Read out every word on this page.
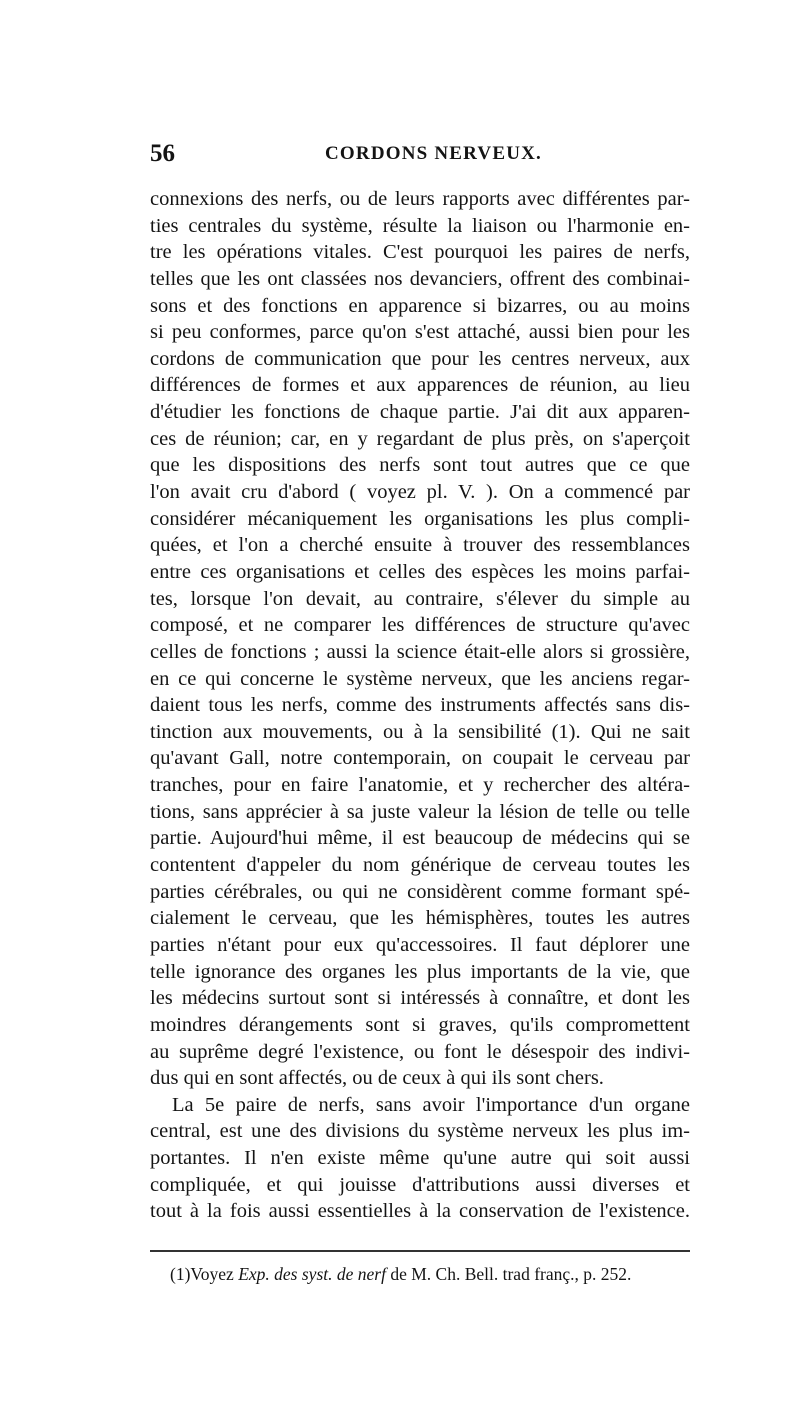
56	CORDONS NERVEUX.
connexions des nerfs, ou de leurs rapports avec différentes par-
ties centrales du système, résulte la liaison ou l'harmonie en-
tre les opérations vitales. C'est pourquoi les paires de nerfs,
telles que les ont classées nos devanciers, offrent des combinai-
sons et des fonctions en apparence si bizarres, ou au moins
si peu conformes, parce qu'on s'est attaché, aussi bien pour les
cordons de communication que pour les centres nerveux, aux
différences de formes et aux apparences de réunion, au lieu
d'étudier les fonctions de chaque partie. J'ai dit aux apparen-
ces de réunion; car, en y regardant de plus près, on s'aperçoit
que les dispositions des nerfs sont tout autres que ce que
l'on avait cru d'abord ( voyez pl. V. ). On a commencé par
considérer mécaniquement les organisations les plus compli-
quées, et l'on a cherché ensuite à trouver des ressemblances
entre ces organisations et celles des espèces les moins parfai-
tes, lorsque l'on devait, au contraire, s'élever du simple au
composé, et ne comparer les différences de structure qu'avec
celles de fonctions ; aussi la science était-elle alors si grossière,
en ce qui concerne le système nerveux, que les anciens regar-
daient tous les nerfs, comme des instruments affectés sans dis-
tinction aux mouvements, ou à la sensibilité (1). Qui ne sait
qu'avant Gall, notre contemporain, on coupait le cerveau par
tranches, pour en faire l'anatomie, et y rechercher des altéra-
tions, sans apprécier à sa juste valeur la lésion de telle ou telle
partie. Aujourd'hui même, il est beaucoup de médecins qui se
contentent d'appeler du nom générique de cerveau toutes les
parties cérébrales, ou qui ne considèrent comme formant spé-
cialement le cerveau, que les hémisphères, toutes les autres
parties n'étant pour eux qu'accessoires. Il faut déplorer une
telle ignorance des organes les plus importants de la vie, que
les médecins surtout sont si intéressés à connaître, et dont les
moindres dérangements sont si graves, qu'ils compromettent
au suprême degré l'existence, ou font le désespoir des indivi-
dus qui en sont affectés, ou de ceux à qui ils sont chers.
La 5e paire de nerfs, sans avoir l'importance d'un organe
central, est une des divisions du système nerveux les plus im-
portantes. Il n'en existe même qu'une autre qui soit aussi
compliquée, et qui jouisse d'attributions aussi diverses et
tout à la fois aussi essentielles à la conservation de l'existence.
(1)Voyez Exp. des syst. de nerf de M. Ch. Bell. trad franç., p. 252.
